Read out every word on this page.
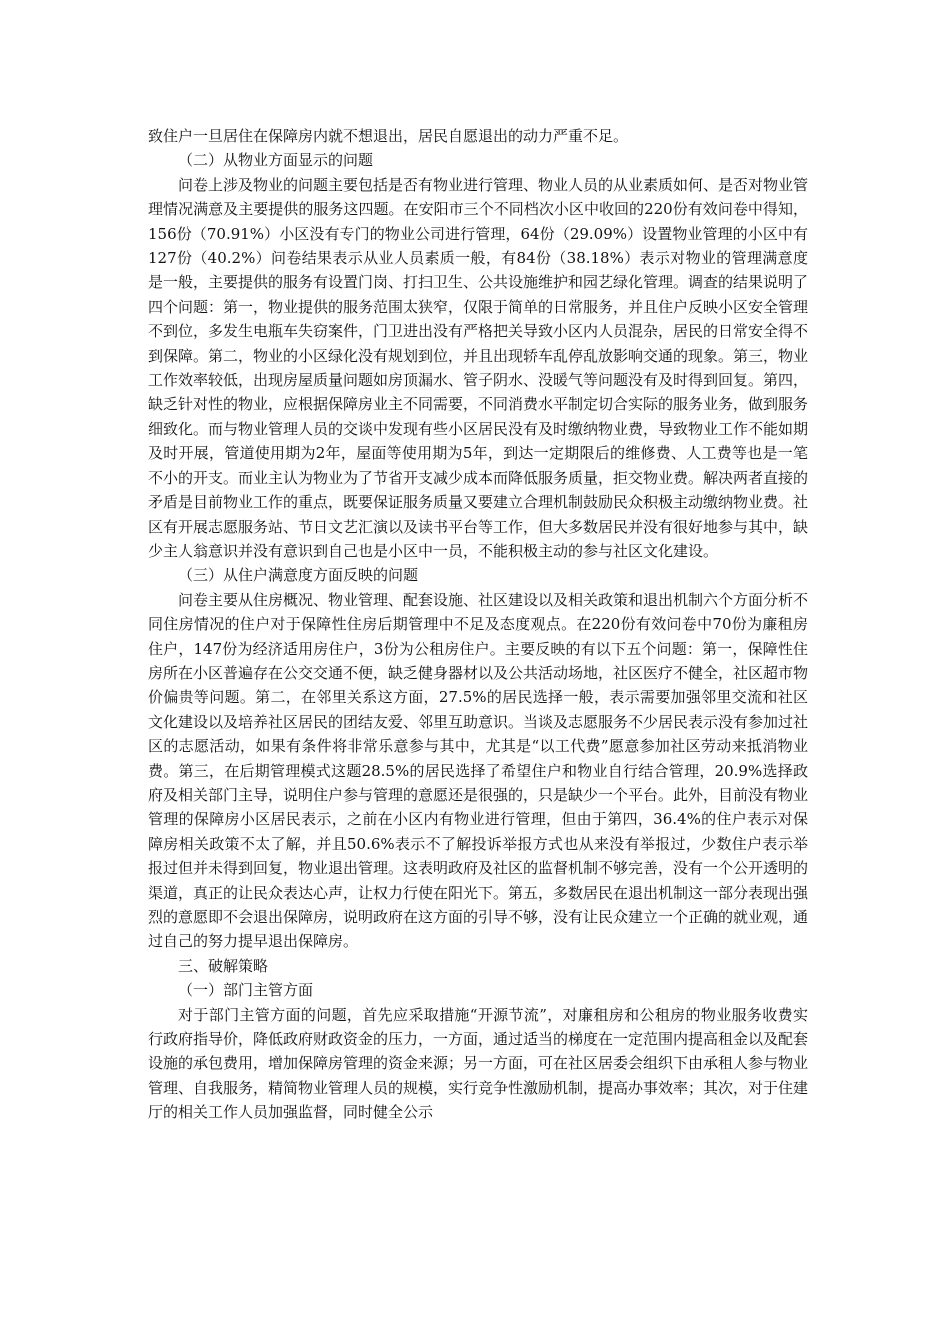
致住户一旦居住在保障房内就不想退出，居民自愿退出的动力严重不足。

（二）从物业方面显示的问题

问卷上涉及物业的问题主要包括是否有物业进行管理、物业人员的从业素质如何、是否对物业管理情况满意及主要提供的服务这四题。在安阳市三个不同档次小区中收回的220份有效问卷中得知，156份（70.91%）小区没有专门的物业公司进行管理，64份（29.09%）设置物业管理的小区中有127份（40.2%）问卷结果表示从业人员素质一般，有84份（38.18%）表示对物业的管理满意度是一般，主要提供的服务有设置门岗、打扫卫生、公共设施维护和园艺绿化管理。调查的结果说明了四个问题：第一，物业提供的服务范围太狭窄，仅限于简单的日常服务，并且住户反映小区安全管理不到位，多发生电瓶车失窃案件，门卫进出没有严格把关导致小区内人员混杂，居民的日常安全得不到保障。第二，物业的小区绿化没有规划到位，并且出现轿车乱停乱放影响交通的现象。第三，物业工作效率较低，出现房屋质量问题如房顶漏水、管子阴水、没暖气等问题没有及时得到回复。第四，缺乏针对性的物业，应根据保障房业主不同需要，不同消费水平制定切合实际的服务业务，做到服务细致化。而与物业管理人员的交谈中发现有些小区居民没有及时缴纳物业费，导致物业工作不能如期及时开展，管道使用期为2年，屋面等使用期为5年，到达一定期限后的维修费、人工费等也是一笔不小的开支。而业主认为物业为了节省开支减少成本而降低服务质量，拒交物业费。解决两者直接的矛盾是目前物业工作的重点，既要保证服务质量又要建立合理机制鼓励民众积极主动缴纳物业费。社区有开展志愿服务站、节日文艺汇演以及读书平台等工作，但大多数居民并没有很好地参与其中，缺少主人翁意识并没有意识到自己也是小区中一员，不能积极主动的参与社区文化建设。

（三）从住户满意度方面反映的问题

问卷主要从住房概况、物业管理、配套设施、社区建设以及相关政策和退出机制六个方面分析不同住房情况的住户对于保障性住房后期管理中不足及态度观点。在220份有效问卷中70份为廉租房住户，147份为经济适用房住户，3份为公租房住户。主要反映的有以下五个问题：第一，保障性住房所在小区普遍存在公交交通不便，缺乏健身器材以及公共活动场地，社区医疗不健全，社区超市物价偏贵等问题。第二，在邻里关系这方面，27.5%的居民选择一般，表示需要加强邻里交流和社区文化建设以及培养社区居民的团结友爱、邻里互助意识。当谈及志愿服务不少居民表示没有参加过社区的志愿活动，如果有条件将非常乐意参与其中，尤其是“以工代费”愿意参加社区劳动来抵消物业费。第三，在后期管理模式这题28.5%的居民选择了希望住户和物业自行结合管理，20.9%选择政府及相关部门主导，说明住户参与管理的意愿还是很强的，只是缺少一个平台。此外，目前没有物业管理的保障房小区居民表示，之前在小区内有物业进行管理，但由于第四，36.4%的住户表示对保障房相关政策不太了解，并且50.6%表示不了解投诉举报方式也从来没有举报过，少数住户表示举报过但并未得到回复，物业退出管理。这表明政府及社区的监督机制不够完善，没有一个公开透明的渠道，真正的让民众表达心声，让权力行使在阳光下。第五，多数居民在退出机制这一部分表现出强烈的意愿即不会退出保障房，说明政府在这方面的引导不够，没有让民众建立一个正确的就业观，通过自己的努力提早退出保障房。

三、破解策略

（一）部门主管方面

对于部门主管方面的问题，首先应采取措施“开源节流”，对廉租房和公租房的物业服务收费实行政府指导价，降低政府财政资金的压力，一方面，通过适当的梯度在一定范围内提高租金以及配套设施的承包费用，增加保障房管理的资金来源；另一方面，可在社区居委会组织下由承租人参与物业管理、自我服务，精简物业管理人员的规模，实行竞争性激励机制，提高办事效率；其次，对于住建厅的相关工作人员加强监督，同时健全公示
